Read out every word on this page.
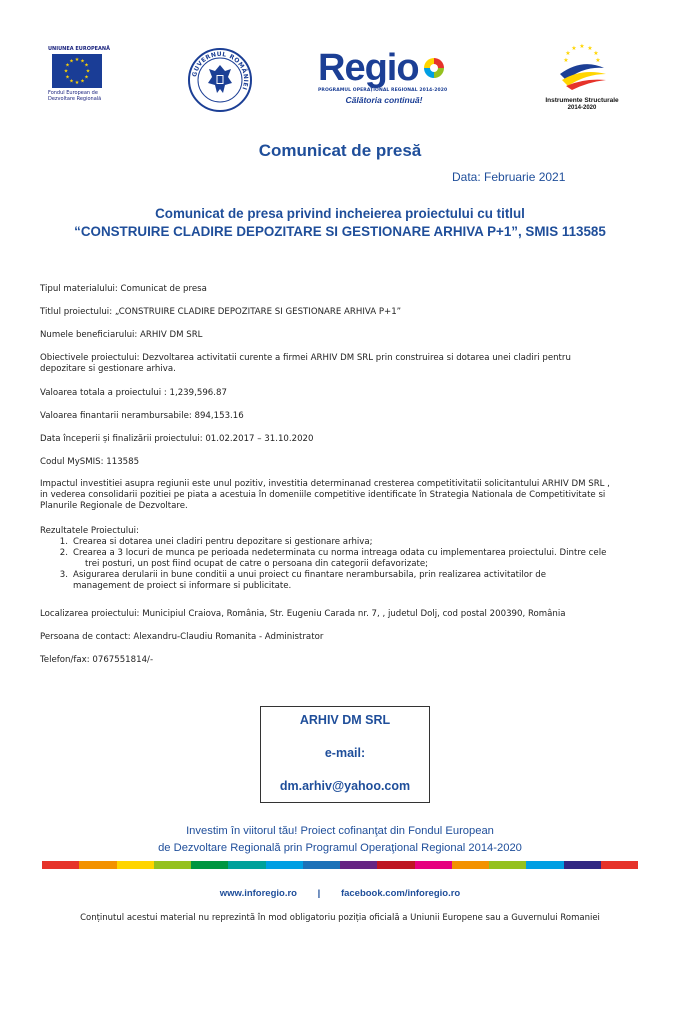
UNIUNEA EUROPEANĂ
★ ★
★
★
★
★
★
★
★
★
★
★
Fondul European de Dezvoltare Regională
GUVERNUL ROMÂNIEI Regio
PROGRAMUL OPERAȚIONAL REGIONAL 2014-2020
Călătoria continuă!
★ ★
★
★
★
★
★
Instrumente Structurale
2014-2020
Comunicat de presă
Data: Februarie 2021
Comunicat de presa privind incheierea proiectului cu titlul
“CONSTRUIRE CLADIRE DEPOZITARE SI GESTIONARE ARHIVA P+1”, SMIS 113585

Tipul materialului: Comunicat de presa

Titlul proiectului: „CONSTRUIRE CLADIRE DEPOZITARE SI GESTIONARE ARHIVA P+1”

Numele beneficiarului: ARHIV DM SRL

Obiectivele proiectului: Dezvoltarea activitatii curente a firmei ARHIV DM SRL prin construirea si dotarea unei cladiri pentru

depozitare si gestionare arhiva.

Valoarea totala a proiectului : 1,239,596.87

Valoarea finantarii nerambursabile: 894,153.16

Data începerii și finalizării proiectului: 01.02.2017 – 31.10.2020

Codul MySMIS: 113585

Impactul investitiei asupra regiunii este unul pozitiv, investitia determinanad cresterea competitivitatii solicitantului ARHIV DM SRL ,

in vederea consolidarii pozitiei pe piata a acestuia în domeniile competitive identificate în Strategia Nationala de Competitivitate si

Planurile Regionale de Dezvoltare.

Rezultatele Proiectului:

1. Crearea si dotarea unei cladiri pentru depozitare si gestionare arhiva;
2. Crearea a 3 locuri de munca pe perioada nedeterminata cu norma intreaga odata cu implementarea proiectului. Dintre cele
trei posturi, un post fiind ocupat de catre o persoana din categorii defavorizate;
3. Asigurarea derularii in bune conditii a unui proiect cu finantare nerambursabila, prin realizarea activitatilor de
management de proiect si informare si publicitate.

Localizarea proiectului: Municipiul Craiova, România, Str. Eugeniu Carada nr. 7, , judetul Dolj, cod postal 200390, România

Persoana de contact: Alexandru-Claudiu Romanita - Administrator

Telefon/fax: 0767551814/-

ARHIV DM SRL
e-mail:
dm.arhiv@yahoo.com
Investim în viitorul tău! Proiect cofinanţat din Fondul European
de Dezvoltare Regională prin Programul Operaţional Regional 2014-2020
www.inforegio.ro | facebook.com/inforegio.ro
Conținutul acestui material nu reprezintă în mod obligatoriu poziția oficială a Uniunii Europene sau a Guvernului Romaniei
